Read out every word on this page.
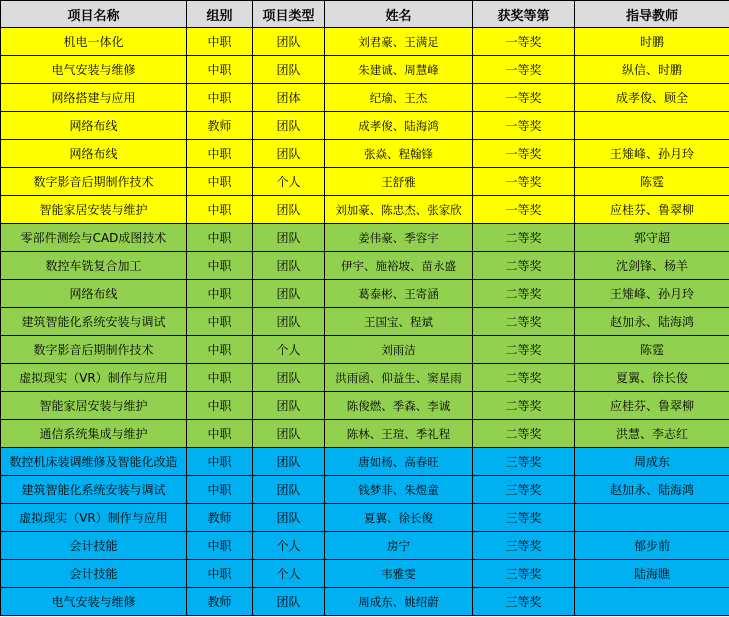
项目名称	组别	项目类型	姓名	获奖等第	指导教师
机电一体化	中职	团队	刘君豪、王满足	一等奖	时鹏
电气安装与维修	中职	团队	朱建诚、周慧峰	一等奖	纵信、时鹏
网络搭建与应用	中职	团体	纪瑜、王杰	一等奖	成孝俊、顾全
网络布线	教师	团队	成孝俊、陆海鸿	一等奖	
网络布线	中职	团队	张焱、程翰锋	一等奖	王雉峰、孙月玲
数字影音后期制作技术	中职	个人	王舒雅	一等奖	陈霆
智能家居安装与维护	中职	团队	刘加豪、陈忠杰、张家欣	一等奖	应桂芬、鲁翠柳
零部件测绘与CAD成图技术	中职	团队	姜伟豪、季容宇	二等奖	郭守超
数控车铣复合加工	中职	团队	伊宇、施裕坡、苗永盛	二等奖	沈剑锋、杨羊
网络布线	中职	团队	葛泰彬、王寄涵	二等奖	王雉峰、孙月玲
建筑智能化系统安装与调试	中职	团队	王国宝、程斌	二等奖	赵加永、陆海鸿
数字影音后期制作技术	中职	个人	刘雨洁	二等奖	陈霆
虚拟现实（VR）制作与应用	中职	团队	洪雨函、仰益生、窦星雨	二等奖	夏翼、徐长俊
智能家居安装与维护	中职	团队	陈俊燃、季森、李诚	二等奖	应桂芬、鲁翠柳
通信系统集成与维护	中职	团队	陈林、王瑄、季礼程	二等奖	洪慧、李志红
数控机床装调维修及智能化改造	中职	团队	唐如杨、高春旺	三等奖	周成东
建筑智能化系统安装与调试	中职	团队	钱梦非、朱煜童	三等奖	赵加永、陆海鸿
虚拟现实（VR）制作与应用	教师	团队	夏翼、徐长俊	三等奖	
会计技能	中职	个人	房宁	三等奖	郁步前
会计技能	中职	个人	韦雅雯	三等奖	陆海瞧
电气安装与维修	教师	团队	周成东、姚绍蔚	三等奖	
